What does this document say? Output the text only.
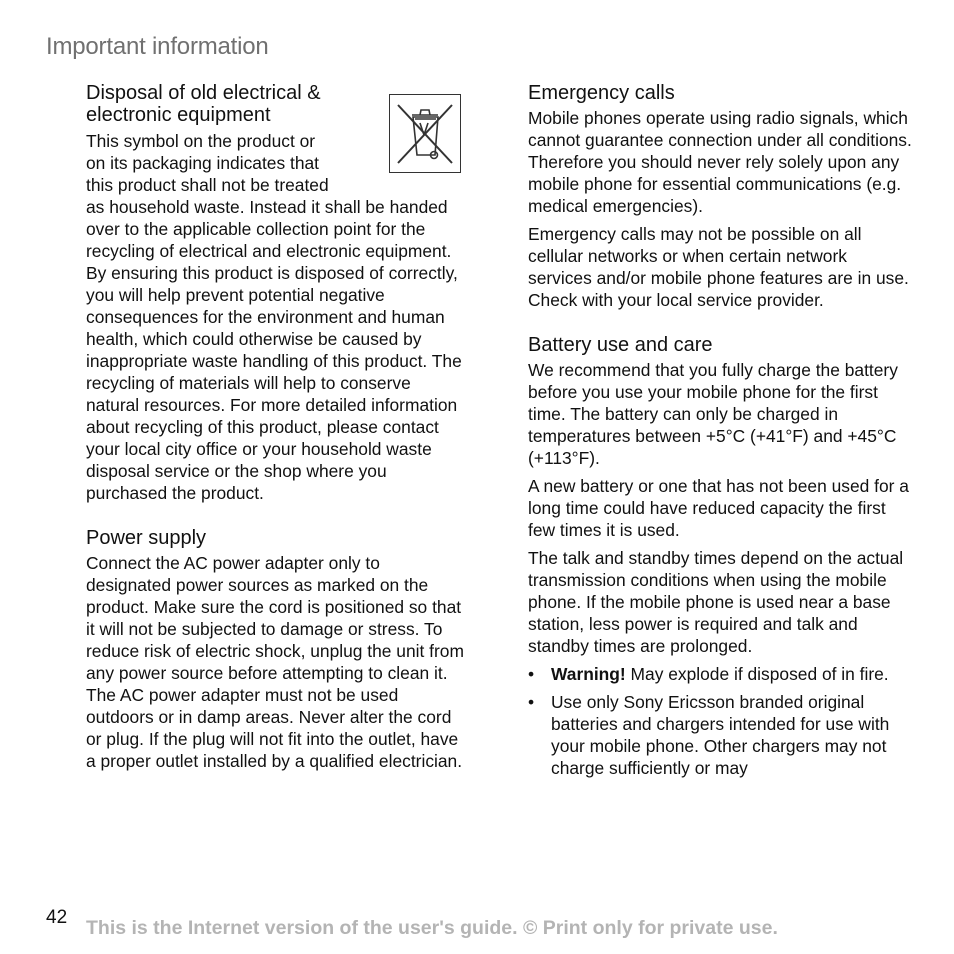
Important information
Disposal of old electrical & electronic equipment

This symbol on the product or
on its packaging indicates that
this product shall not be treated

as household waste. Instead it shall be handed over to the applicable collection point for the recycling of electrical and electronic equipment. By ensuring this product is disposed of correctly, you will help prevent potential negative consequences for the environment and human health, which could otherwise be caused by inappropriate waste handling of this product. The recycling of materials will help to conserve natural resources. For more detailed information about recycling of this product, please contact your local city office or your household waste disposal service or the shop where you purchased the product.

Power supply

Connect the AC power adapter only to designated power sources as marked on the product. Make sure the cord is positioned so that it will not be subjected to damage or stress. To reduce risk of electric shock, unplug the unit from any power source before attempting to clean it. The AC power adapter must not be used outdoors or in damp areas. Never alter the cord or plug. If the plug will not fit into the outlet, have a proper outlet installed by a qualified electrician.

Emergency calls

Mobile phones operate using radio signals, which cannot guarantee connection under all conditions. Therefore you should never rely solely upon any mobile phone for essential communications (e.g. medical emergencies).

Emergency calls may not be possible on all cellular networks or when certain network services and/or mobile phone features are in use. Check with your local service provider.

Battery use and care

We recommend that you fully charge the battery before you use your mobile phone for the first time. The battery can only be charged in temperatures between +5°C (+41°F) and +45°C (+113°F).

A new battery or one that has not been used for a long time could have reduced capacity the first few times it is used.

The talk and standby times depend on the actual transmission conditions when using the mobile phone. If the mobile phone is used near a base station, less power is required and talk and standby times are prolonged.

• Warning! May explode if disposed of in fire.
• Use only Sony Ericsson branded original batteries and chargers intended for use with your mobile phone. Other chargers may not charge sufficiently or may
42 This is the Internet version of the user's guide. © Print only for private use.
